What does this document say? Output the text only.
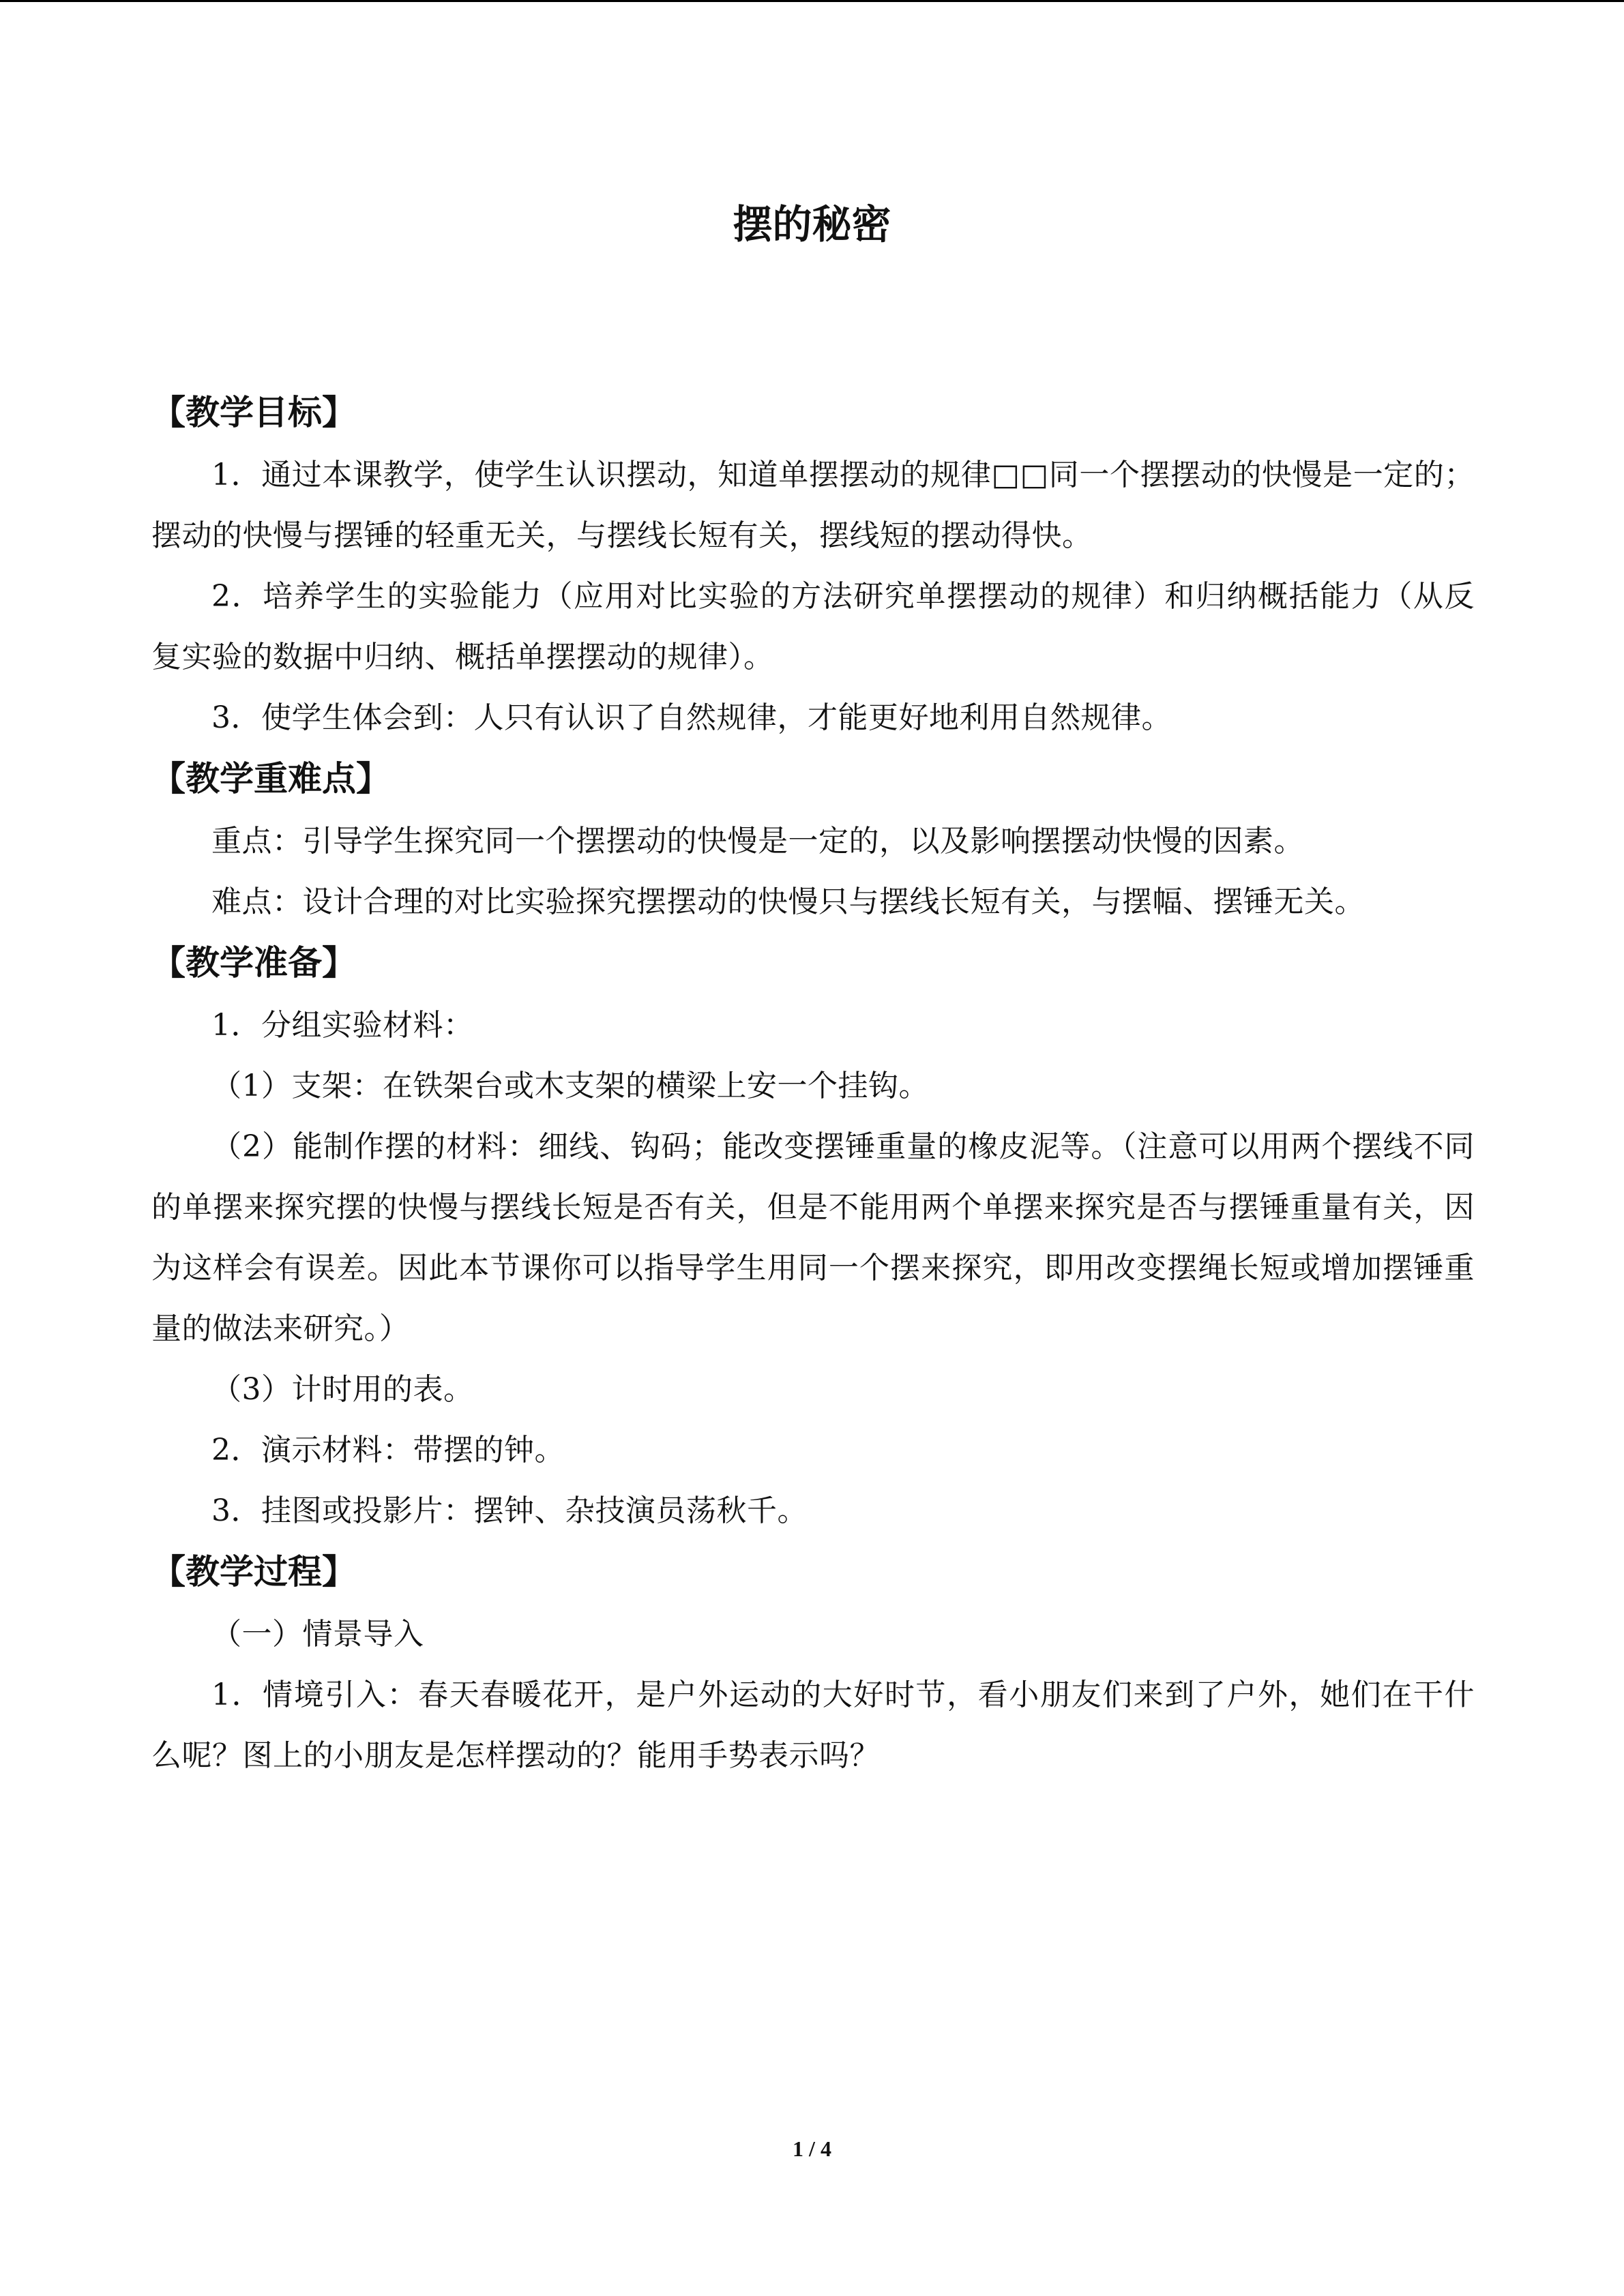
摆的秘密
【教学目标】

1．通过本课教学，使学生认识摆动，知道单摆摆动的规律□□同一个摆摆动的快慢是一定的；摆动的快慢与摆锤的轻重无关，与摆线长短有关，摆线短的摆动得快。

2．培养学生的实验能力（应用对比实验的方法研究单摆摆动的规律）和归纳概括能力（从反复实验的数据中归纳、概括单摆摆动的规律）。

3．使学生体会到：人只有认识了自然规律，才能更好地利用自然规律。

【教学重难点】

重点：引导学生探究同一个摆摆动的快慢是一定的，以及影响摆摆动快慢的因素。

难点：设计合理的对比实验探究摆摆动的快慢只与摆线长短有关，与摆幅、摆锤无关。

【教学准备】

1．分组实验材料：

（1）支架：在铁架台或木支架的横梁上安一个挂钩。

（2）能制作摆的材料：细线、钩码；能改变摆锤重量的橡皮泥等。（注意可以用两个摆线不同的单摆来探究摆的快慢与摆线长短是否有关，但是不能用两个单摆来探究是否与摆锤重量有关，因为这样会有误差。因此本节课你可以指导学生用同一个摆来探究，即用改变摆绳长短或增加摆锤重量的做法来研究。）

（3）计时用的表。

2．演示材料：带摆的钟。

3．挂图或投影片：摆钟、杂技演员荡秋千。

【教学过程】

（一）情景导入

1．情境引入：春天春暖花开，是户外运动的大好时节，看小朋友们来到了户外，她们在干什么呢？图上的小朋友是怎样摆动的？能用手势表示吗？

1 / 4
